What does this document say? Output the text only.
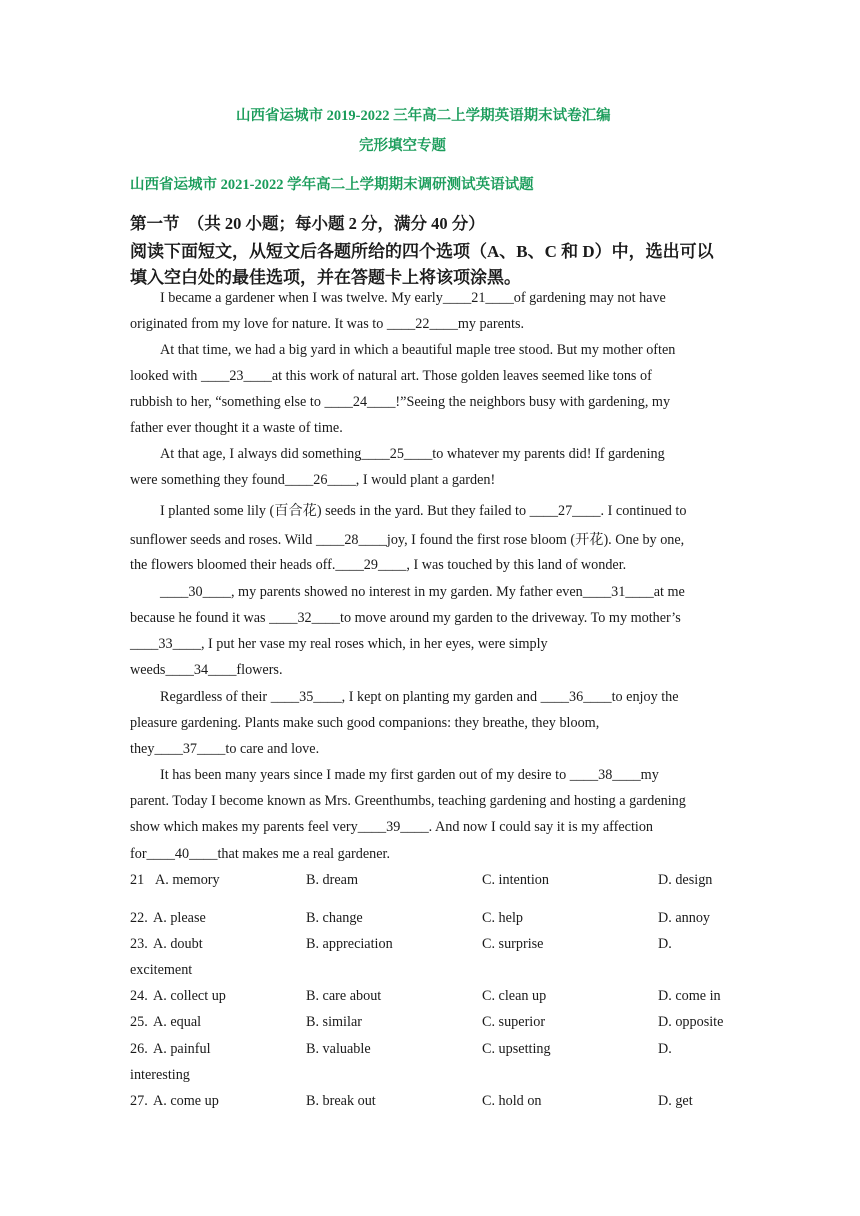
山西省运城市 2019-2022 三年高二上学期英语期末试卷汇编
完形填空专题
山西省运城市 2021-2022 学年高二上学期期末调研测试英语试题
第一节　（共 20 小题；每小题 2 分，满分 40 分）
阅读下面短文，从短文后各题所给的四个选项（A、B、C 和 D）中，选出可以
填入空白处的最佳选项，并在答题卡上将该项涂黑。
I became a gardener when I was twelve. My early____21____of gardening may not have
originated from my love for nature. It was to ____22____my parents.
At that time, we had a big yard in which a beautiful maple tree stood. But my mother often
looked with ____23____at this work of natural art. Those golden leaves seemed like tons of
rubbish to her, “something else to ____24____!”Seeing the neighbors busy with gardening, my
father ever thought it a waste of time.
At that age, I always did something____25____to whatever my parents did! If gardening
were something they found____26____, I would plant a garden!
I planted some lily (百合花) seeds in the yard. But they failed to ____27____. I continued to
sunflower seeds and roses. Wild ____28____joy, I found the first rose bloom (开花). One by one,
the flowers bloomed their heads off.____29____, I was touched by this land of wonder.
____30____, my parents showed no interest in my garden. My father even____31____at me
because he found it was ____32____to move around my garden to the driveway. To my mother’s
____33____, I put her vase my real roses which, in her eyes, were simply
weeds____34____flowers.
Regardless of their ____35____, I kept on planting my garden and ____36____to enjoy the
pleasure gardening. Plants make such good companions: they breathe, they bloom,
they____37____to care and love.
It has been many years since I made my first garden out of my desire to ____38____my
parent. Today I become known as Mrs. Greenthumbs, teaching gardening and hosting a gardening
show which makes my parents feel very____39____. And now I could say it is my affection
for____40____that makes me a real gardener.
21 A. memory	B. dream	C. intention	D. design
22. A. please	B. change	C. help	D. annoy
23. A. doubt	B. appreciation	C. surprise	D.
excitement
24. A. collect up	B. care about	C. clean up	D. come in
25. A. equal	B. similar	C. superior	D. opposite
26. A. painful	B. valuable	C. upsetting	D.
interesting
27. A. come up	B. break out	C. hold on	D. get
